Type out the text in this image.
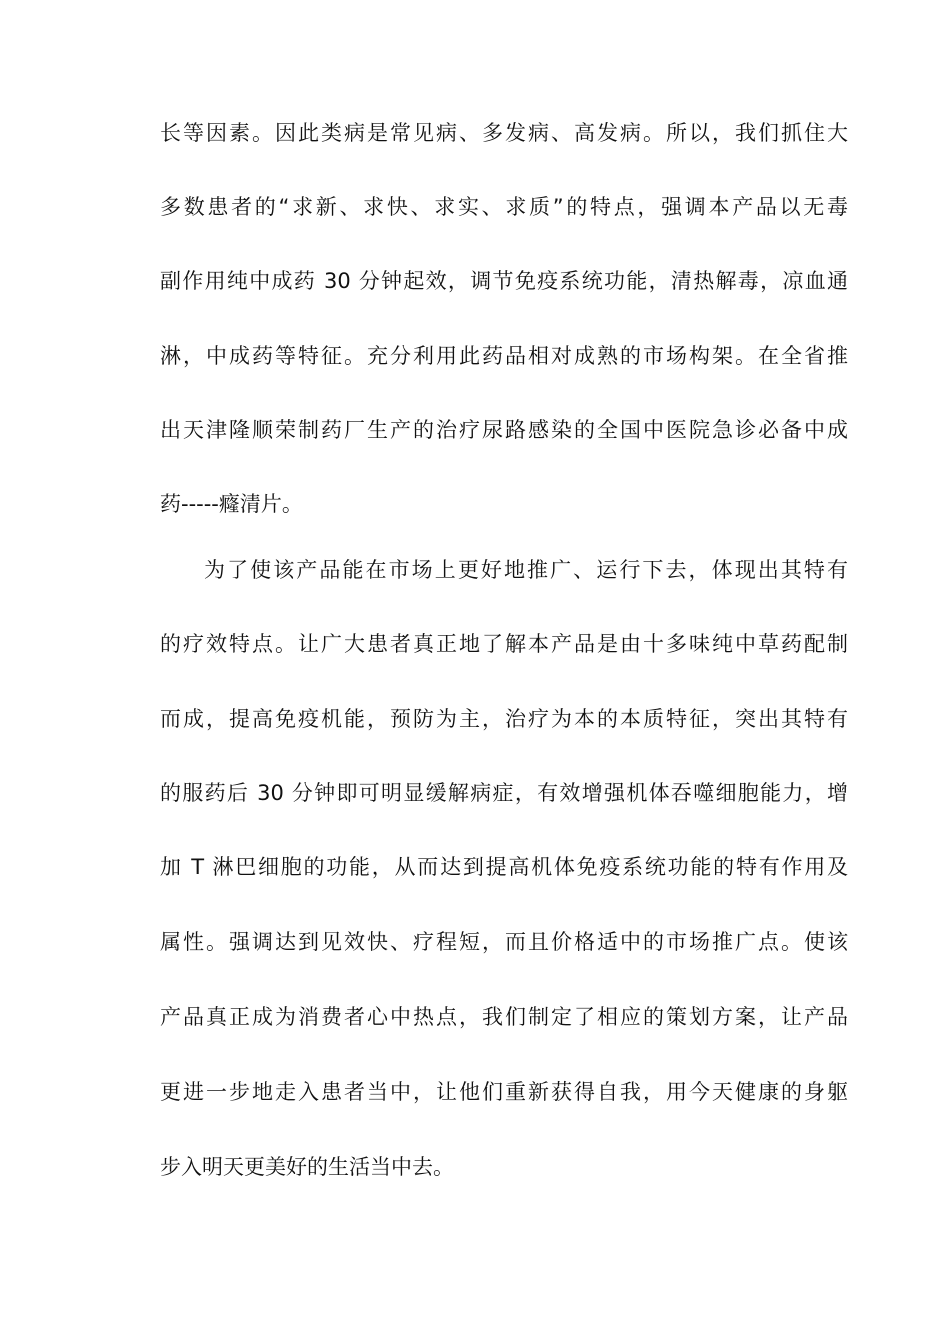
长等因素。因此类病是常见病、多发病、高发病。所以，我们抓住大
多数患者的“求新、求快、求实、求质”的特点，强调本产品以无毒
副作用纯中成药 30 分钟起效，调节免疫系统功能，清热解毒，凉血通
淋，中成药等特征。充分利用此药品相对成熟的市场构架。在全省推
出天津隆顺荣制药厂生产的治疗尿路感染的全国中医院急诊必备中成
药-----癃清片。
为了使该产品能在市场上更好地推广、运行下去，体现出其特有
的疗效特点。让广大患者真正地了解本产品是由十多味纯中草药配制
而成，提高免疫机能，预防为主，治疗为本的本质特征，突出其特有
的服药后 30 分钟即可明显缓解病症，有效增强机体吞噬细胞能力，增
加 T 淋巴细胞的功能，从而达到提高机体免疫系统功能的特有作用及
属性。强调达到见效快、疗程短，而且价格适中的市场推广点。使该
产品真正成为消费者心中热点，我们制定了相应的策划方案，让产品
更进一步地走入患者当中，让他们重新获得自我，用今天健康的身躯
步入明天更美好的生活当中去。
